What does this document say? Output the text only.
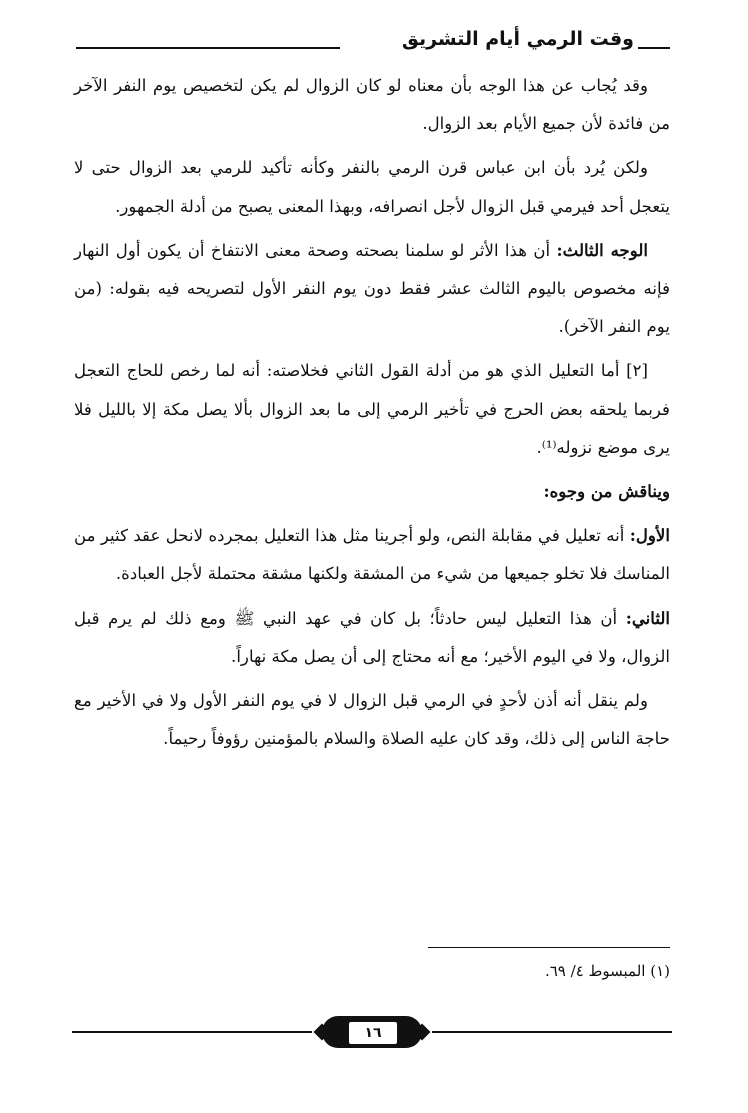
وقت الرمي أيام التشريق

وقد يُجاب عن هذا الوجه بأن معناه لو كان الزوال لم يكن لتخصيص يوم النفر الآخر من فائدة لأن جميع الأيام بعد الزوال.

ولكن يُرد بأن ابن عباس قرن الرمي بالنفر وكأنه تأكيد للرمي بعد الزوال حتى لا يتعجل أحد فيرمي قبل الزوال لأجل انصرافه، وبهذا المعنى يصبح من أدلة الجمهور.

الوجه الثالث: أن هذا الأثر لو سلمنا بصحته وصحة معنى الانتفاخ أن يكون أول النهار فإنه مخصوص باليوم الثالث عشر فقط دون يوم النفر الأول لتصريحه فيه بقوله: (من يوم النفر الآخر).

[٢] أما التعليل الذي هو من أدلة القول الثاني فخلاصته: أنه لما رخص للحاج التعجل فربما يلحقه بعض الحرج في تأخير الرمي إلى ما بعد الزوال بألا يصل مكة إلا بالليل فلا يرى موضع نزوله⁽¹⁾.

ويناقش من وجوه:

الأول: أنه تعليل في مقابلة النص، ولو أجرينا مثل هذا التعليل بمجرده لانحل عقد كثير من المناسك فلا تخلو جميعها من شيء من المشقة ولكنها مشقة محتملة لأجل العبادة.

الثاني: أن هذا التعليل ليس حادثاً؛ بل كان في عهد النبي ﷺ ومع ذلك لم يرم قبل الزوال، ولا في اليوم الأخير؛ مع أنه محتاج إلى أن يصل مكة نهاراً.

ولم ينقل أنه أذن لأحدٍ في الرمي قبل الزوال لا في يوم النفر الأول ولا في الأخير مع حاجة الناس إلى ذلك، وقد كان عليه الصلاة والسلام بالمؤمنين رؤوفاً رحيماً.

(١) المبسوط ٤/ ٦٩.
١٦
